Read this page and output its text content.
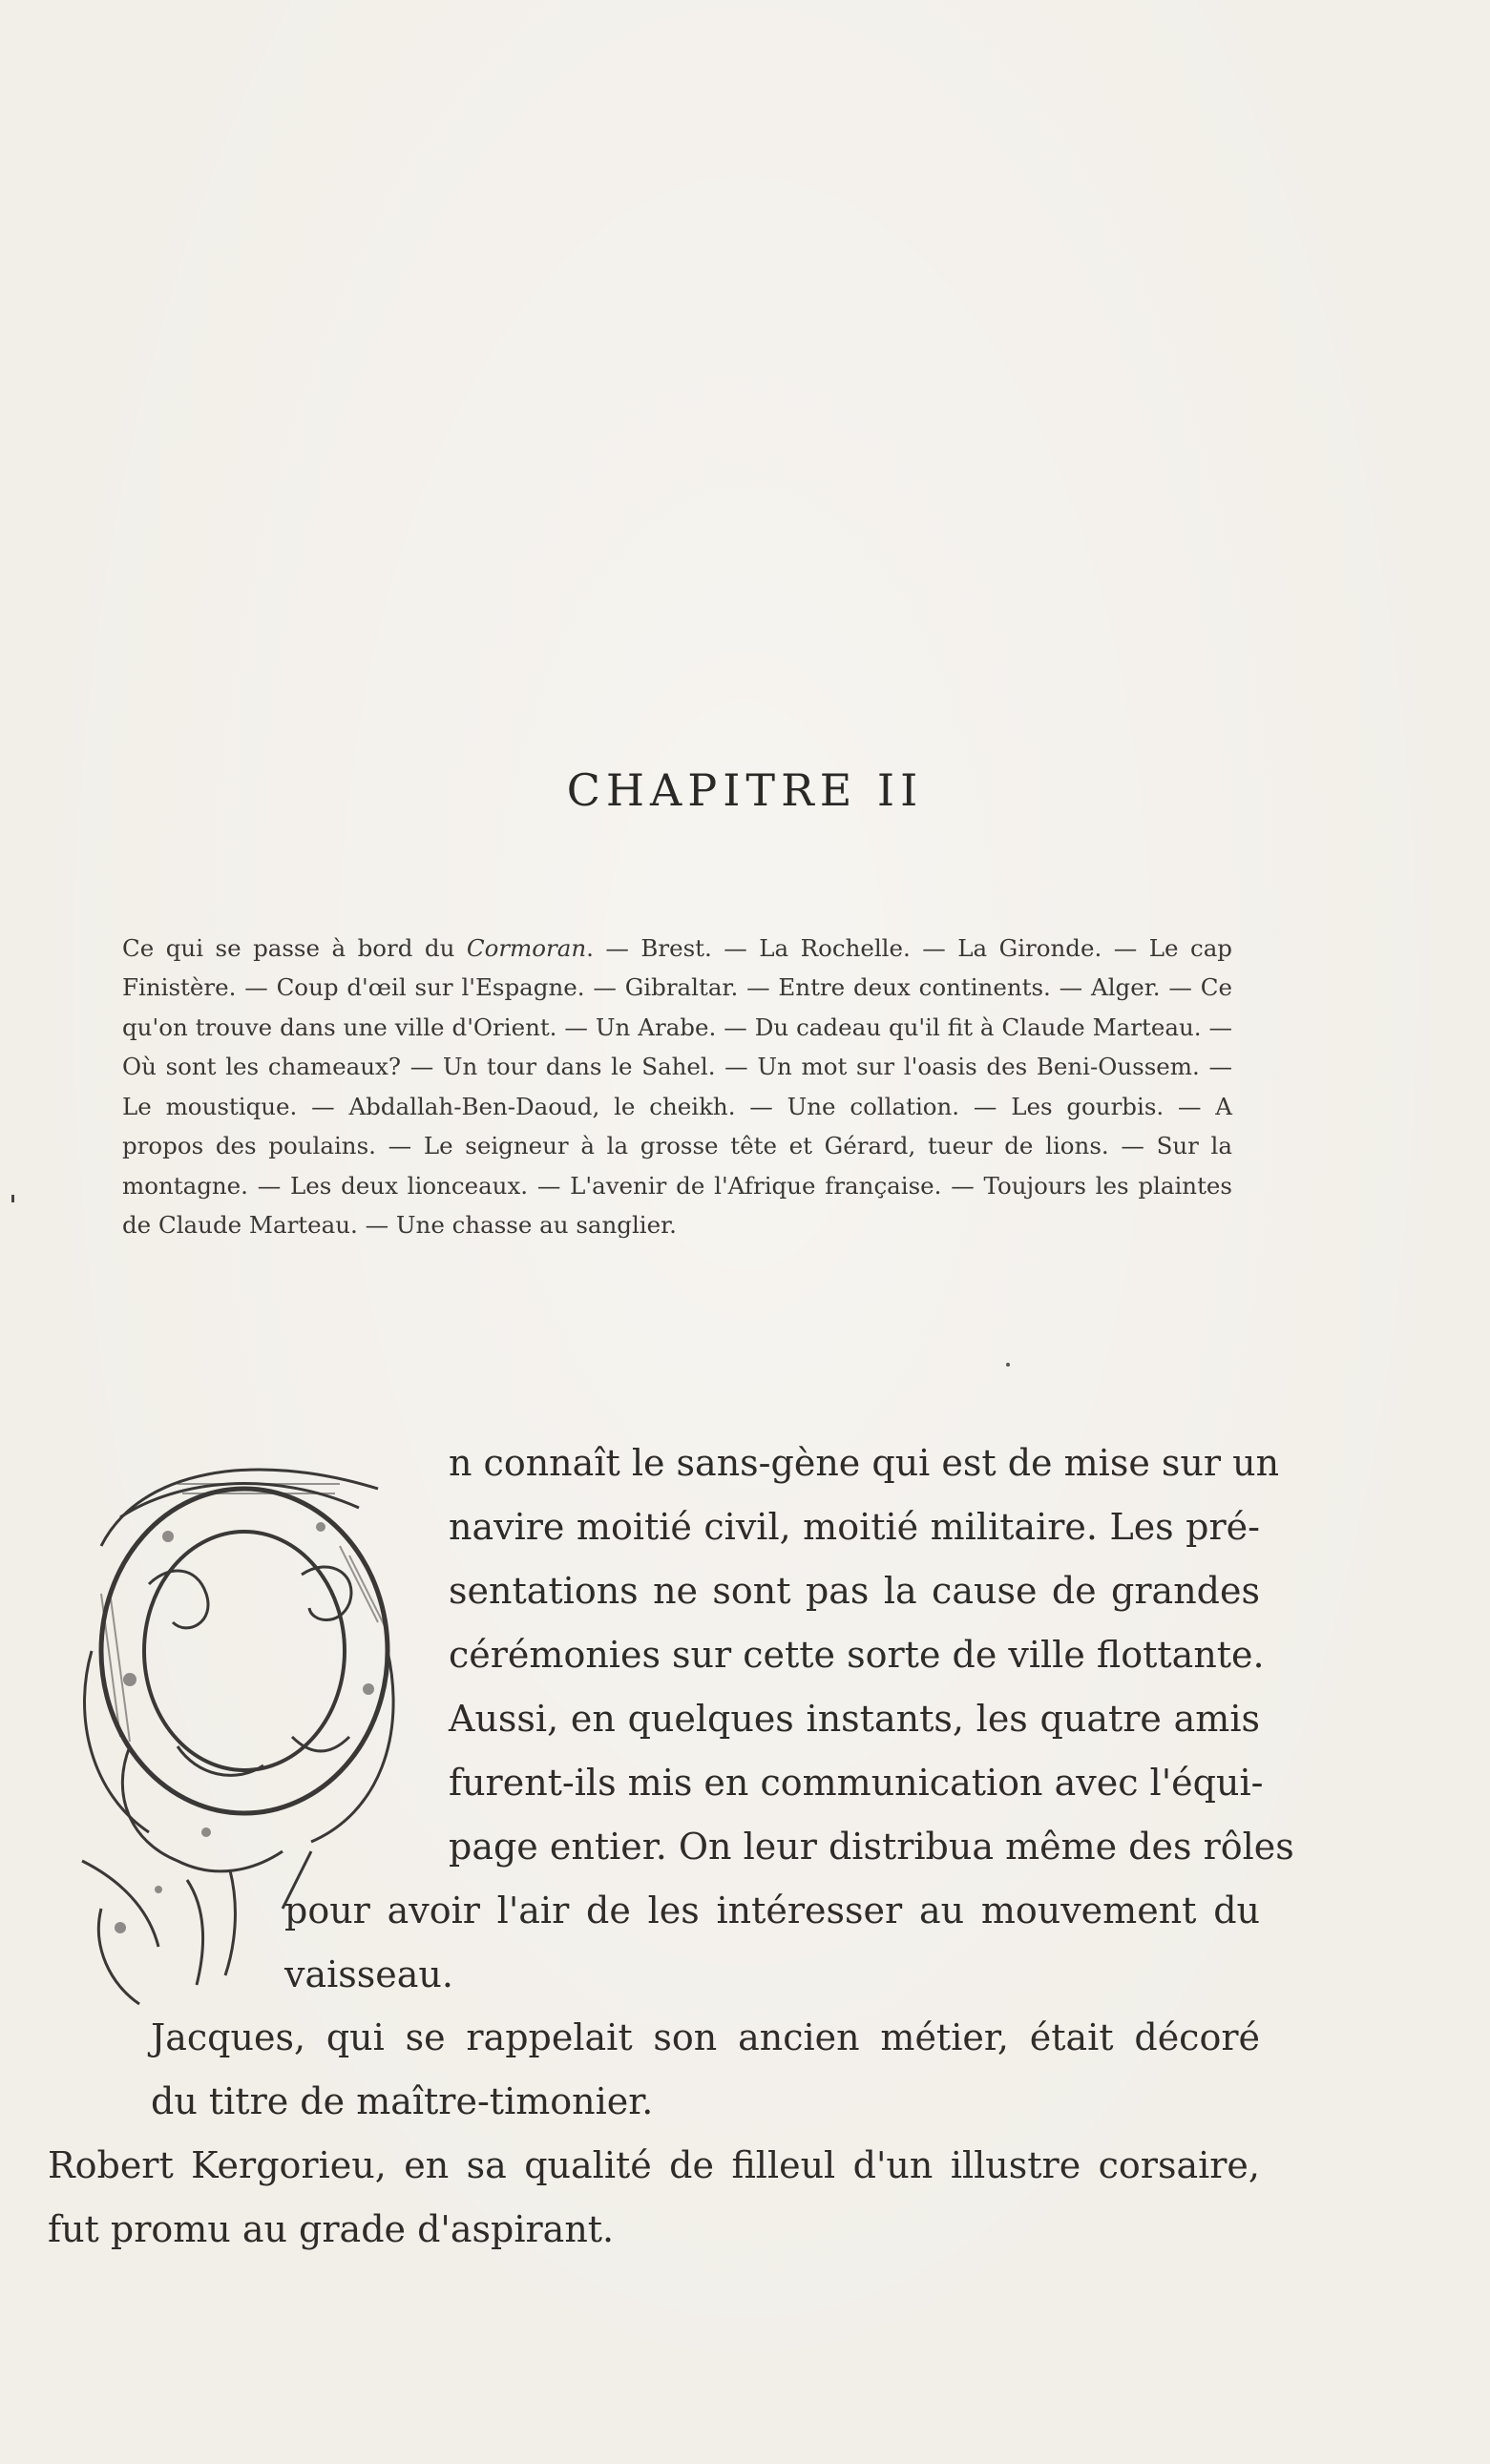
CHAPITRE II

Ce qui se passe à bord du Cormoran. — Brest. — La Rochelle. — La Gironde. — Le cap Finistère. — Coup d'œil sur l'Espagne. — Gibraltar. — Entre deux continents. — Alger. — Ce qu'on trouve dans une ville d'Orient. — Un Arabe. — Du cadeau qu'il fit à Claude Marteau. — Où sont les chameaux? — Un tour dans le Sahel. — Un mot sur l'oasis des Beni-Oussem. — Le moustique. — Abdallah-Ben-Daoud, le cheikh. — Une collation. — Les gourbis. — A propos des poulains. — Le seigneur à la grosse tête et Gérard, tueur de lions. — Sur la montagne. — Les deux lionceaux. — L'avenir de l'Afrique française. — Toujours les plaintes de Claude Marteau. — Une chasse au sanglier.

n connaît le sans-gène qui est de mise sur un
navire moitié civil, moitié militaire. Les pré-
sentations ne sont pas la cause de grandes
cérémonies sur cette sorte de ville flottante.
Aussi, en quelques instants, les quatre amis
furent-ils mis en communication avec l'équi-
page entier. On leur distribua même des rôles
pour avoir l'air de les intéresser au mouvement du
vaisseau.
Jacques, qui se rappelait son ancien métier, était décoré
du titre de maître-timonier.
Robert Kergorieu, en sa qualité de filleul d'un illustre corsaire,
fut promu au grade d'aspirant.
